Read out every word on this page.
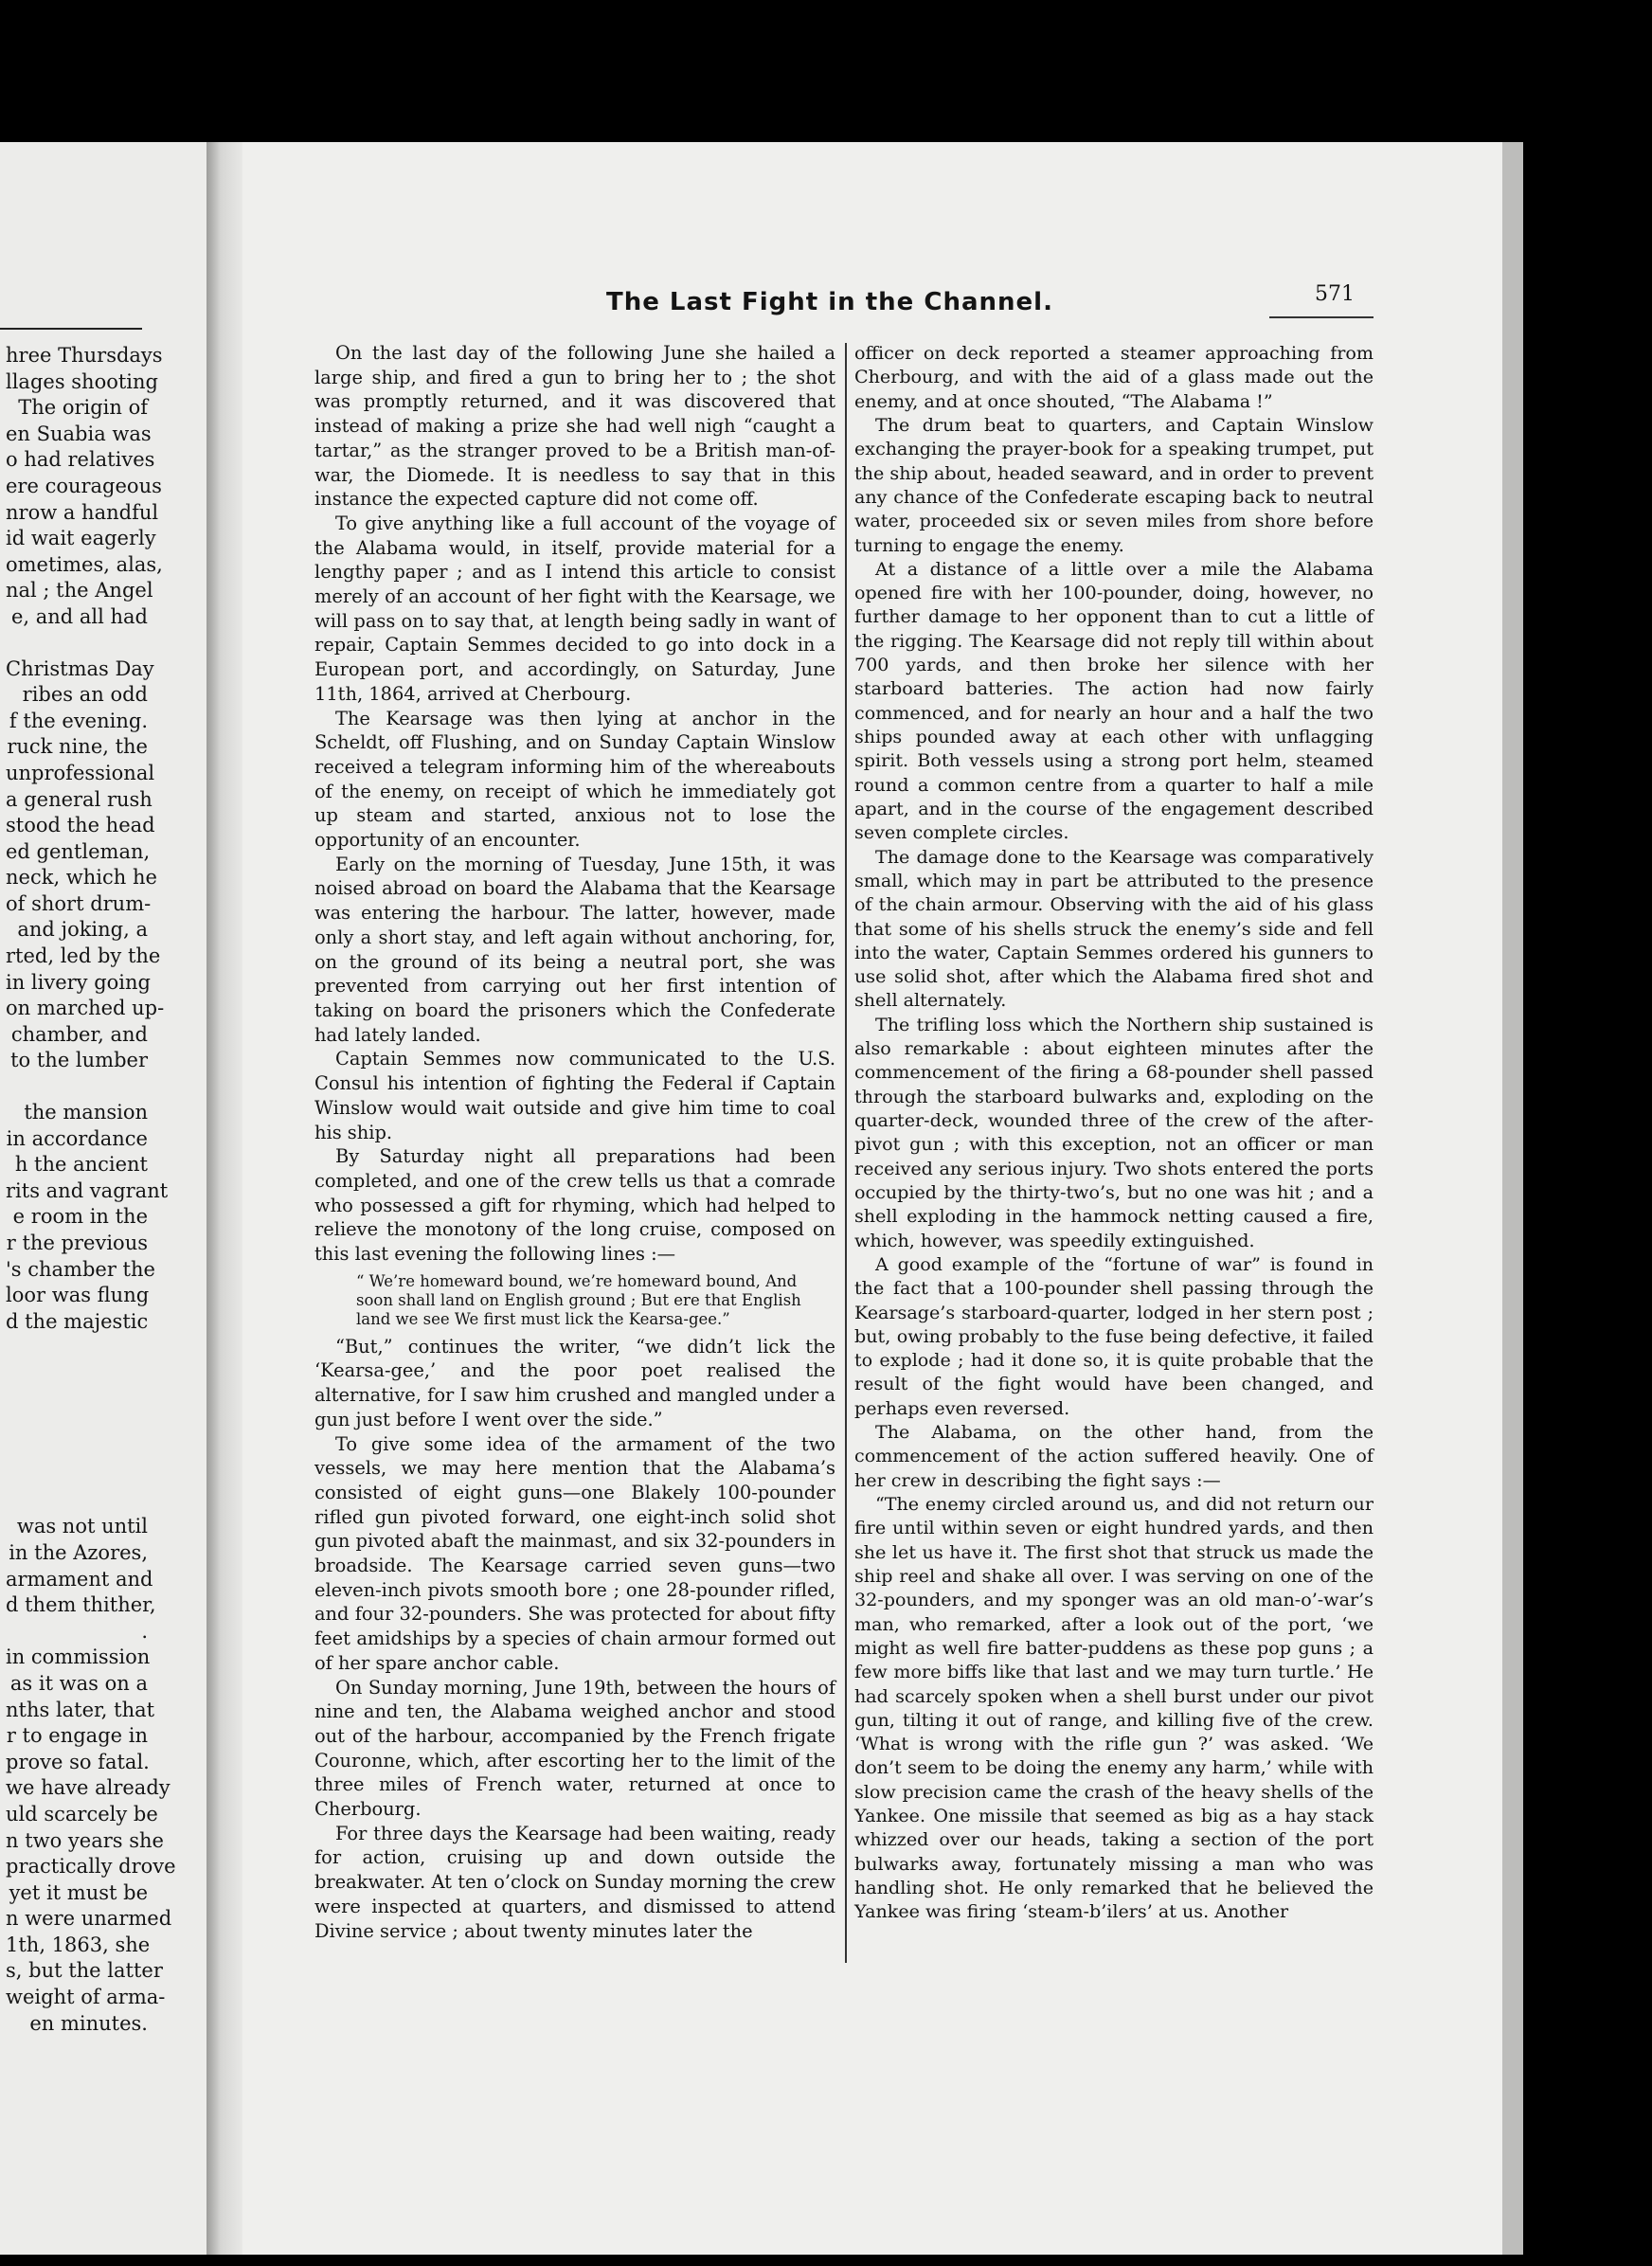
hree Thursdays
llages shooting
The origin of
en Suabia was
o had relatives
ere courageous
nrow a handful
id wait eagerly
ometimes, alas,
nal ; the Angel
e, and all had

Christmas Day
ribes an odd
f the evening.
ruck nine, the
unprofessional
a general rush
stood the head
ed gentleman,
neck, which he
of short drum-
and joking, a
rted, led by the
in livery going
on marched up-
chamber, and
to the lumber

the mansion
in accordance
h the ancient
rits and vagrant
e room in the
r the previous
's chamber the
loor was flung
d the majestic

was not until
in the Azores,
armament and
d them thither,
.
in commission
as it was on a
nths later, that
r to engage in
prove so fatal.
we have already
uld scarcely be
n two years she
practically drove
yet it must be
n were unarmed
1th, 1863, she
s, but the latter
weight of arma-
en minutes.
The Last Fight in the Channel.	571

On the last day of the following June she hailed a large ship, and fired a gun to bring her to ; the shot was promptly returned, and it was discovered that instead of making a prize she had well nigh “caught a tartar,” as the stranger proved to be a British man-of-war, the Diomede. It is needless to say that in this instance the expected capture did not come off.

To give anything like a full account of the voyage of the Alabama would, in itself, provide material for a lengthy paper ; and as I intend this article to consist merely of an account of her fight with the Kearsage, we will pass on to say that, at length being sadly in want of repair, Captain Semmes decided to go into dock in a European port, and accordingly, on Saturday, June 11th, 1864, arrived at Cherbourg.

The Kearsage was then lying at anchor in the Scheldt, off Flushing, and on Sunday Captain Winslow received a telegram informing him of the whereabouts of the enemy, on receipt of which he immediately got up steam and started, anxious not to lose the opportunity of an encounter.

Early on the morning of Tuesday, June 15th, it was noised abroad on board the Alabama that the Kearsage was entering the harbour. The latter, however, made only a short stay, and left again without anchoring, for, on the ground of its being a neutral port, she was prevented from carrying out her first intention of taking on board the prisoners which the Confederate had lately landed.

Captain Semmes now communicated to the U.S. Consul his intention of fighting the Federal if Captain Winslow would wait outside and give him time to coal his ship.

By Saturday night all preparations had been completed, and one of the crew tells us that a comrade who possessed a gift for rhyming, which had helped to relieve the monotony of the long cruise, composed on this last evening the following lines :—

“ We’re homeward bound, we’re homeward bound, And soon shall land on English ground ; But ere that English land we see We first must lick the Kearsa-gee.”

“But,” continues the writer, “we didn’t lick the ‘Kearsa-gee,’ and the poor poet realised the alternative, for I saw him crushed and mangled under a gun just before I went over the side.”

To give some idea of the armament of the two vessels, we may here mention that the Alabama’s consisted of eight guns—one Blakely 100-pounder rifled gun pivoted forward, one eight-inch solid shot gun pivoted abaft the mainmast, and six 32-pounders in broadside. The Kearsage carried seven guns—two eleven-inch pivots smooth bore ; one 28-pounder rifled, and four 32-pounders. She was protected for about fifty feet amidships by a species of chain armour formed out of her spare anchor cable.

On Sunday morning, June 19th, between the hours of nine and ten, the Alabama weighed anchor and stood out of the harbour, accompanied by the French frigate Couronne, which, after escorting her to the limit of the three miles of French water, returned at once to Cherbourg.

For three days the Kearsage had been waiting, ready for action, cruising up and down outside the breakwater. At ten o’clock on Sunday morning the crew were inspected at quarters, and dismissed to attend Divine service ; about twenty minutes later the

officer on deck reported a steamer approaching from Cherbourg, and with the aid of a glass made out the enemy, and at once shouted, “The Alabama !”

The drum beat to quarters, and Captain Winslow exchanging the prayer-book for a speaking trumpet, put the ship about, headed seaward, and in order to prevent any chance of the Confederate escaping back to neutral water, proceeded six or seven miles from shore before turning to engage the enemy.

At a distance of a little over a mile the Alabama opened fire with her 100-pounder, doing, however, no further damage to her opponent than to cut a little of the rigging. The Kearsage did not reply till within about 700 yards, and then broke her silence with her starboard batteries. The action had now fairly commenced, and for nearly an hour and a half the two ships pounded away at each other with unflagging spirit. Both vessels using a strong port helm, steamed round a common centre from a quarter to half a mile apart, and in the course of the engagement described seven complete circles.

The damage done to the Kearsage was comparatively small, which may in part be attributed to the presence of the chain armour. Observing with the aid of his glass that some of his shells struck the enemy’s side and fell into the water, Captain Semmes ordered his gunners to use solid shot, after which the Alabama fired shot and shell alternately.

The trifling loss which the Northern ship sustained is also remarkable : about eighteen minutes after the commencement of the firing a 68-pounder shell passed through the starboard bulwarks and, exploding on the quarter-deck, wounded three of the crew of the after-pivot gun ; with this exception, not an officer or man received any serious injury. Two shots entered the ports occupied by the thirty-two’s, but no one was hit ; and a shell exploding in the hammock netting caused a fire, which, however, was speedily extinguished.

A good example of the “fortune of war” is found in the fact that a 100-pounder shell passing through the Kearsage’s starboard-quarter, lodged in her stern post ; but, owing probably to the fuse being defective, it failed to explode ; had it done so, it is quite probable that the result of the fight would have been changed, and perhaps even reversed.

The Alabama, on the other hand, from the commencement of the action suffered heavily. One of her crew in describing the fight says :—

“The enemy circled around us, and did not return our fire until within seven or eight hundred yards, and then she let us have it. The first shot that struck us made the ship reel and shake all over. I was serving on one of the 32-pounders, and my sponger was an old man-o’-war’s man, who remarked, after a look out of the port, ‘we might as well fire batter-puddens as these pop guns ; a few more biffs like that last and we may turn turtle.’ He had scarcely spoken when a shell burst under our pivot gun, tilting it out of range, and killing five of the crew. ‘What is wrong with the rifle gun ?’ was asked. ‘We don’t seem to be doing the enemy any harm,’ while with slow precision came the crash of the heavy shells of the Yankee. One missile that seemed as big as a hay stack whizzed over our heads, taking a section of the port bulwarks away, fortunately missing a man who was handling shot. He only remarked that he believed the Yankee was firing ‘steam-b’ilers’ at us. Another
